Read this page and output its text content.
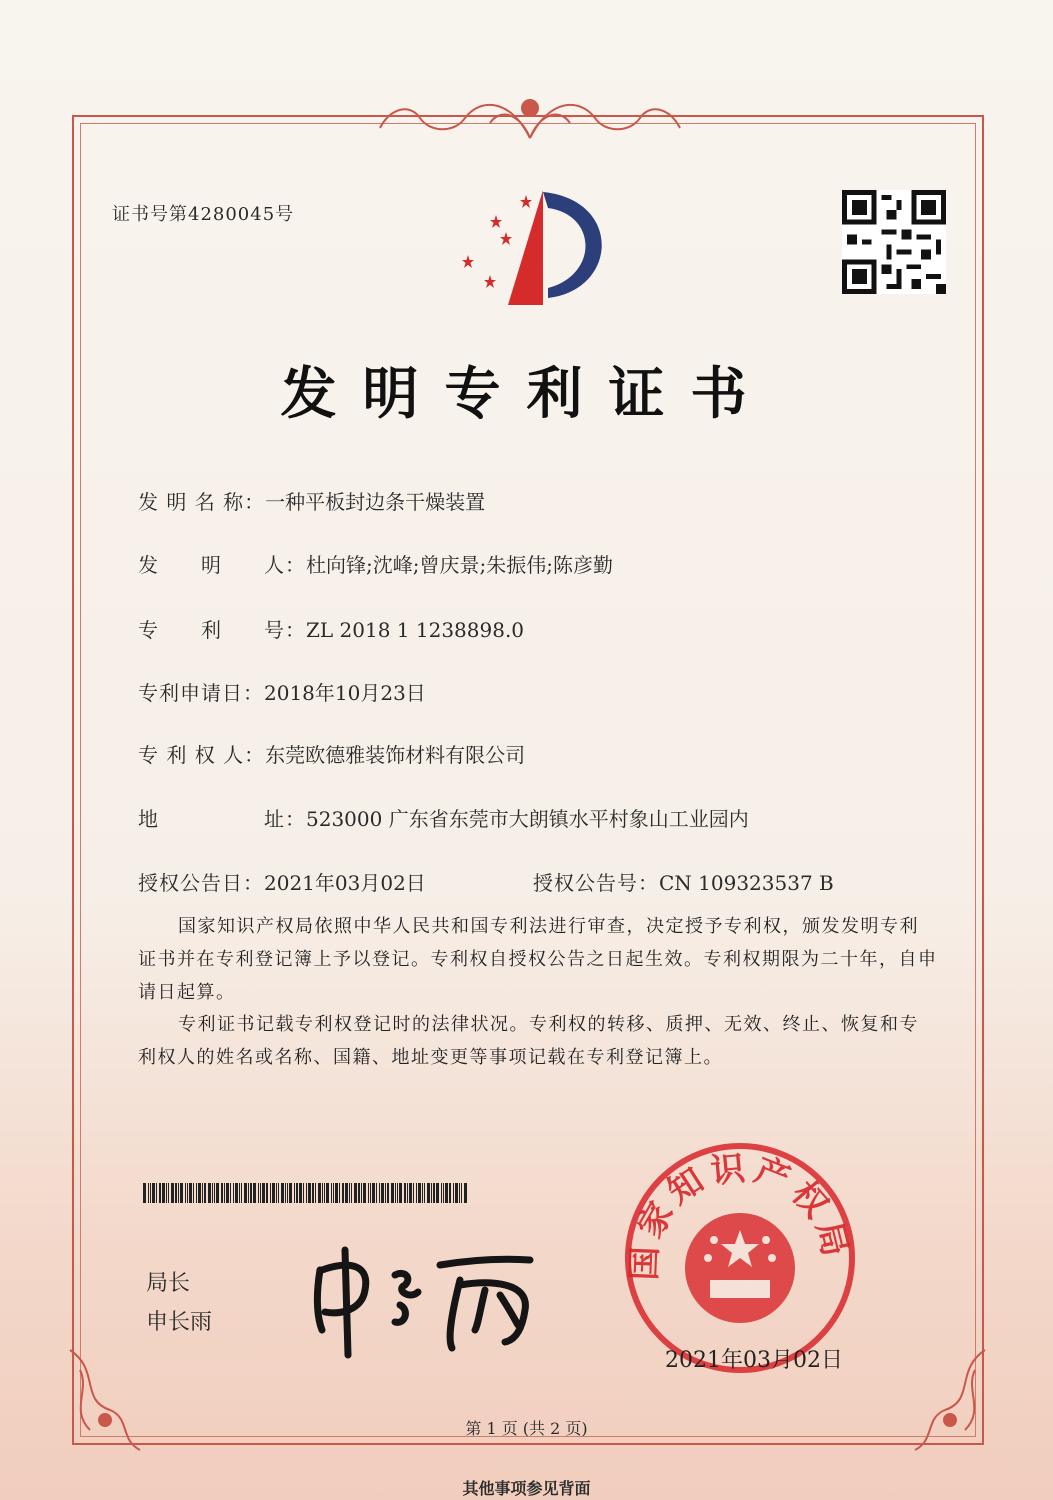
证书号第4280045号
发明专利证书
发 明 名 称：一种平板封边条干燥装置
发　　明　　人：杜向锋;沈峰;曾庆景;朱振伟;陈彦勤
专　　利　　号：ZL 2018 1 1238898.0
专利申请日：2018年10月23日
专 利 权 人：东莞欧德雅装饰材料有限公司
地　　　　　址：523000 广东省东莞市大朗镇水平村象山工业园内
授权公告日：2021年03月02日	授权公告号：CN 109323537 B
国家知识产权局依照中华人民共和国专利法进行审查，决定授予专利权，颁发发明专利证书并在专利登记簿上予以登记。专利权自授权公告之日起生效。专利权期限为二十年，自申请日起算。
专利证书记载专利权登记时的法律状况。专利权的转移、质押、无效、终止、恢复和专利权人的姓名或名称、国籍、地址变更等事项记载在专利登记簿上。
局长
申长雨
国家知识产权局
2021年03月02日
第 1 页 (共 2 页)
其他事项参见背面
